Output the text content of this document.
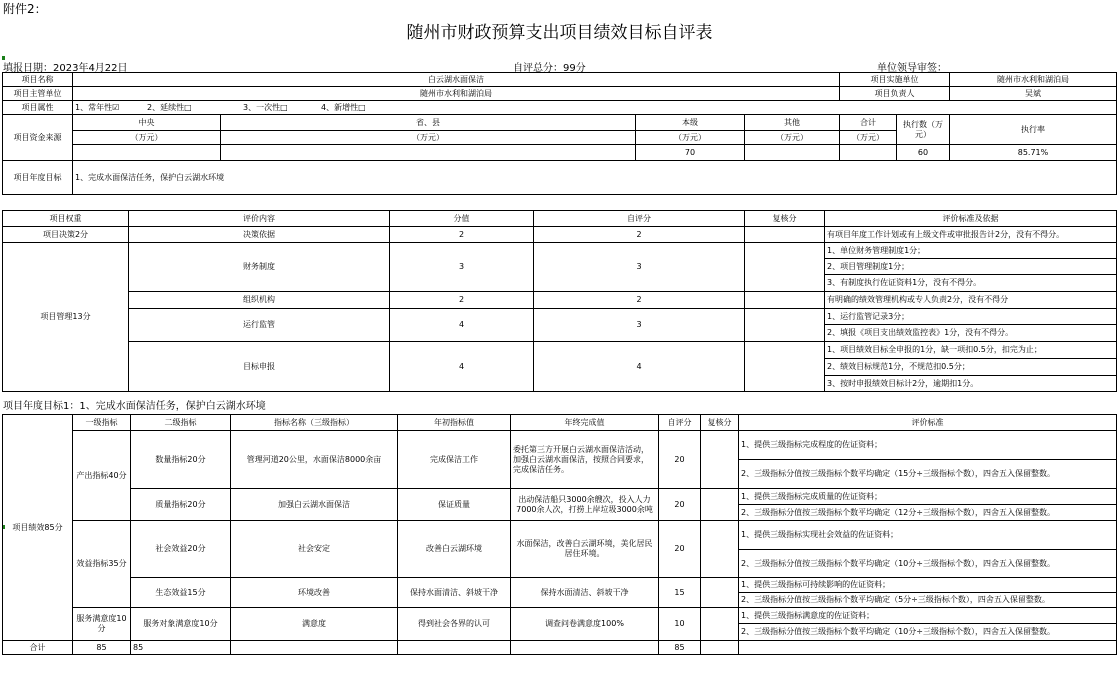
附件2：
随州市财政预算支出项目绩效目标自评表
填报日期：2023年4月22日	自评总分：99分	单位领导审签：
项目名称	白云湖水面保洁				项目实施单位		随州市水利和湖泊局
项目主管单位	随州市水利和湖泊局				项目负责人		吴斌
项目属性	1、常年性☑ 2、延续性□ 3、一次性□ 4、新增性□						
项目资金来源	中央	省、县	本级	其他	合计	执行数（万元）	执行率
	（万元）	（万元）	（万元）	（万元）	（万元）		
			70			60	85.71%
项目年度目标	1、完成水面保洁任务，保护白云湖水环境						
项目权重	评价内容	分值	自评分	复核分	评价标准及依据
项目决策2分	决策依据	2	2		有项目年度工作计划或有上级文件或审批报告计2分，没有不得分。
项目管理13分	财务制度	3	3		1、单位财务管理制度1分；
					2、项目管理制度1分；
					3、有制度执行佐证资料1分，没有不得分。
	组织机构	2	2		有明确的绩效管理机构或专人负责2分，没有不得分
	运行监管	4	3		1、运行监管记录3分；
					2、填报《项目支出绩效监控表》1分，没有不得分。
	目标申报	4	4		1、项目绩效目标全申报的1分，缺一项扣0.5分，扣完为止；
					2、绩效目标规范1分，不规范扣0.5分；
					3、按时申报绩效目标计2分，逾期扣1分。
项目年度目标1：1、完成水面保洁任务，保护白云湖水环境
项目绩效85分	一级指标	二级指标	指标名称（三级指标）	年初指标值	年终完成值	自评分	复核分	评价标准
	产出指标40分	数量指标20分	管理河道20公里，水面保洁8000余亩	完成保洁工作	委托第三方开展白云湖水面保洁活动，加强白云湖水面保洁，按照合同要求，完成保洁任务。	20		1、提供三级指标完成程度的佐证资料；
								2、三级指标分值按三级指标个数平均确定（15分÷三级指标个数），四舍五入保留整数。
		质量指标20分	加强白云湖水面保洁	保证质量	出动保洁船只3000余艘次，投入人力7000余人次，打捞上岸垃圾3000余吨	20		1、提供三级指标完成质量的佐证资料；
								2、三级指标分值按三级指标个数平均确定（12分÷三级指标个数），四舍五入保留整数。
	效益指标35分	社会效益20分	社会安定	改善白云湖环境	水面保洁，改善白云湖环境，美化居民居住环境。	20		1、提供三级指标实现社会效益的佐证资料；
								2、三级指标分值按三级指标个数平均确定（10分÷三级指标个数），四舍五入保留整数。
		生态效益15分	环境改善	保持水面清洁、斜坡干净	保持水面清洁、斜坡干净	15		1、提供三级指标可持续影响的佐证资料；
								2、三级指标分值按三级指标个数平均确定（5分÷三级指标个数），四舍五入保留整数。
	服务满意度10分	服务对象满意度10分	满意度	得到社会各界的认可	调查问卷满意度100%	10		1、提供三级指标满意度的佐证资料；
								2、三级指标分值按三级指标个数平均确定（10分÷三级指标个数），四舍五入保留整数。
合计	85	85				85		
